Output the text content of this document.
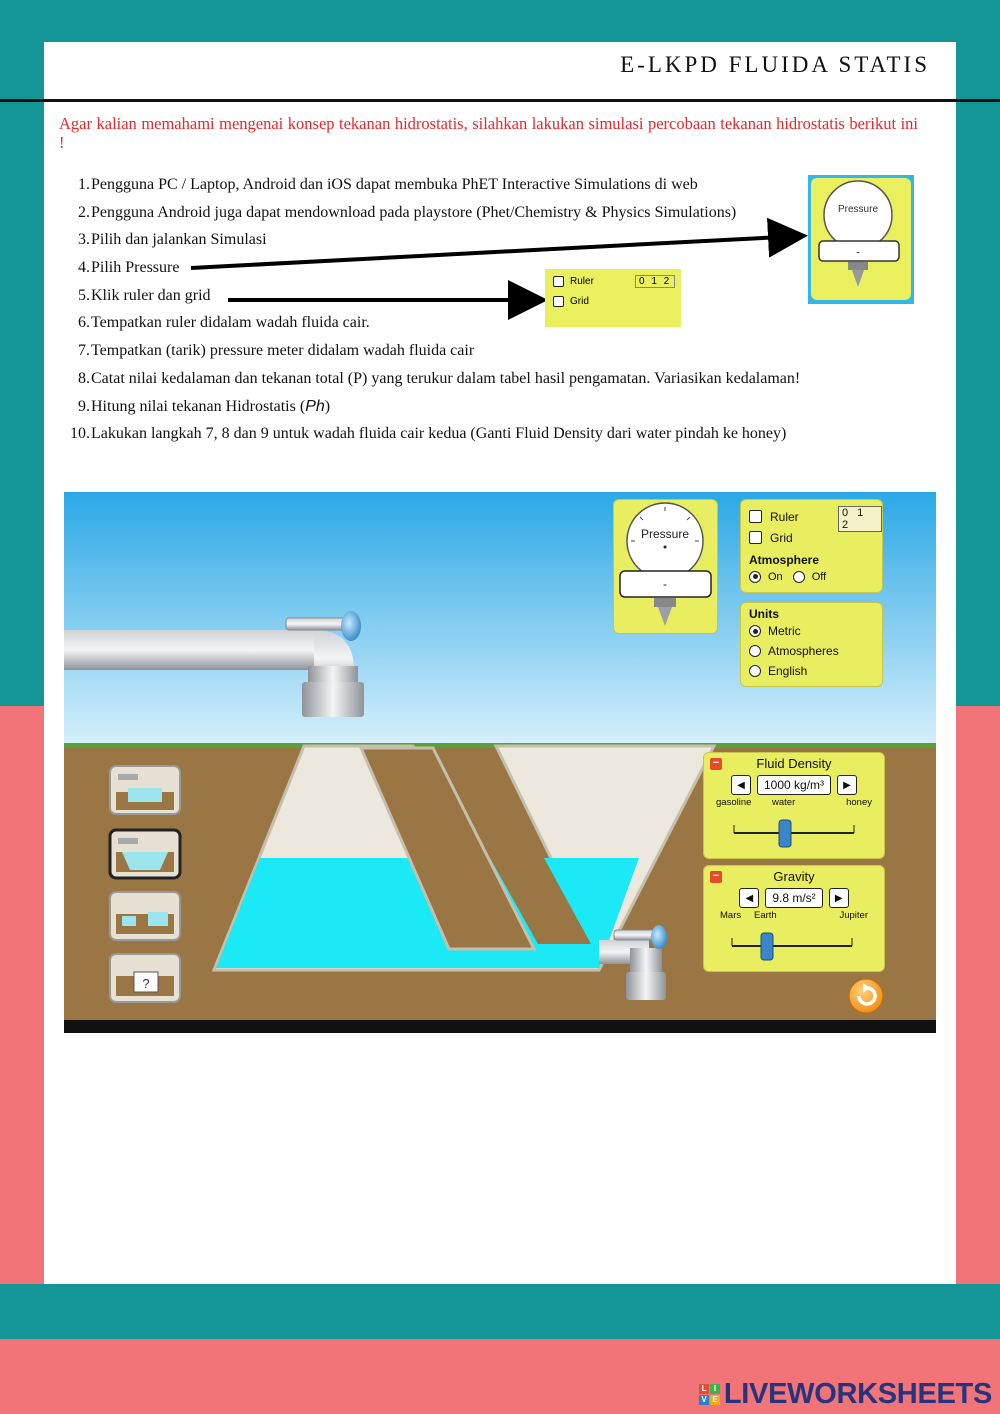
E-LKPD FLUIDA STATIS
Agar kalian memahami mengenai konsep tekanan hidrostatis, silahkan lakukan simulasi percobaan tekanan hidrostatis berikut ini !
1. Pengguna PC / Laptop, Android dan iOS dapat membuka PhET Interactive Simulations di web
2. Pengguna Android juga dapat mendownload pada playstore (Phet/Chemistry & Physics Simulations)
3. Pilih dan jalankan Simulasi
4. Pilih Pressure
5. Klik ruler dan grid
6. Tempatkan ruler didalam wadah fluida cair.
7. Tempatkan (tarik) pressure meter didalam wadah fluida cair
8. Catat nilai kedalaman dan tekanan total (P) yang terukur dalam tabel hasil pengamatan. Variasikan kedalaman!
9. Hitung nilai tekanan Hidrostatis ( Ph )
10. Lakukan langkah 7, 8 dan 9 untuk wadah fluida cair kedua (Ganti Fluid Density dari water pindah ke honey)
Pressure
-
Ruler
Grid
0 1 2
?
Pressure
-
Ruler
Grid
0 1 2
Atmosphere
On	Off
Units
Metric
Atmospheres
English
−	Fluid Density
◀	1000 kg/m³	▶
gasoline water	honey
−	Gravity
◀	9.8 m/s²	▶
Mars Earth	Jupiter
L I
V E LIVEWORKSHEETS
